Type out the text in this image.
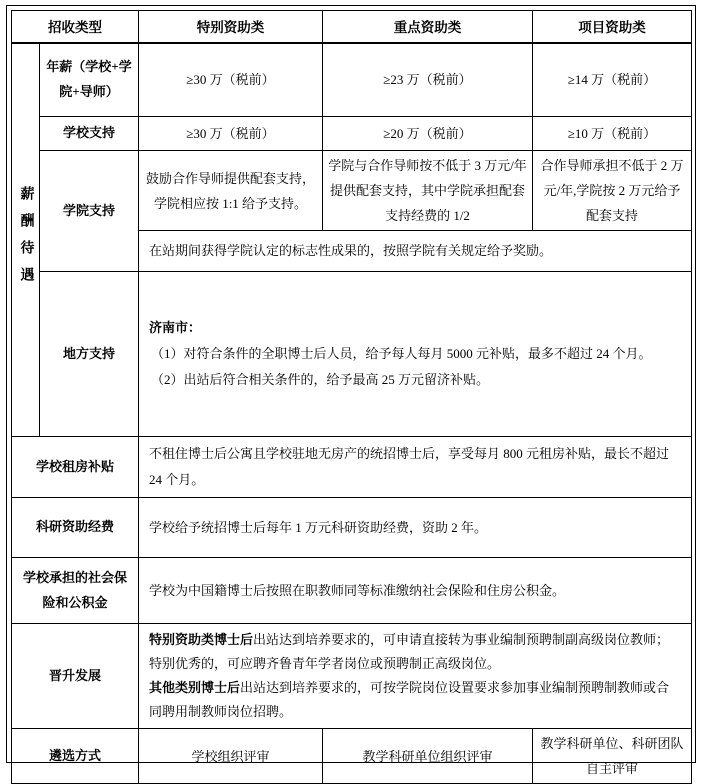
招收类型		特别资助类	重点资助类	项目资助类

薪酬待遇	年薪（学校+学院+导师）	≥30 万（税前）	≥23 万（税前）	≥14 万（税前）
	学校支持	≥30 万（税前）	≥20 万（税前）	≥10 万（税前）
	学院支持	鼓励合作导师提供配套支持，学院相应按 1:1 给予支持。	学院与合作导师按不低于 3 万元/年提供配套支持，其中学院承担配套支持经费的 1/2	合作导师承担不低于 2 万元/年,学院按 2 万元给予配套支持
		在站期间获得学院认定的标志性成果的，按照学院有关规定给予奖励。		
	地方支持	济南市：

（1）对符合条件的全职博士后人员，给予每人每月 5000 元补贴，最多不超过 24 个月。

（2）出站后符合相关条件的，给予最高 25 万元留济补贴。		

学校租房补贴		不租住博士后公寓且学校驻地无房产的统招博士后，享受每月 800 元租房补贴，最长不超过 24 个月。		
科研资助经费		学校给予统招博士后每年 1 万元科研资助经费，资助 2 年。		
学校承担的社会保险和公积金		学校为中国籍博士后按照在职教师同等标准缴纳社会保险和住房公积金。		
晋升发展		特别资助类博士后出站达到培养要求的，可申请直接转为事业编制预聘制副高级岗位教师；特别优秀的，可应聘齐鲁青年学者岗位或预聘制正高级岗位。

其他类别博士后出站达到培养要求的，可按学院岗位设置要求参加事业编制预聘制教师或合同聘用制教师岗位招聘。		

遴选方式		学校组织评审	教学科研单位组织评审	教学科研单位、科研团队自主评审
